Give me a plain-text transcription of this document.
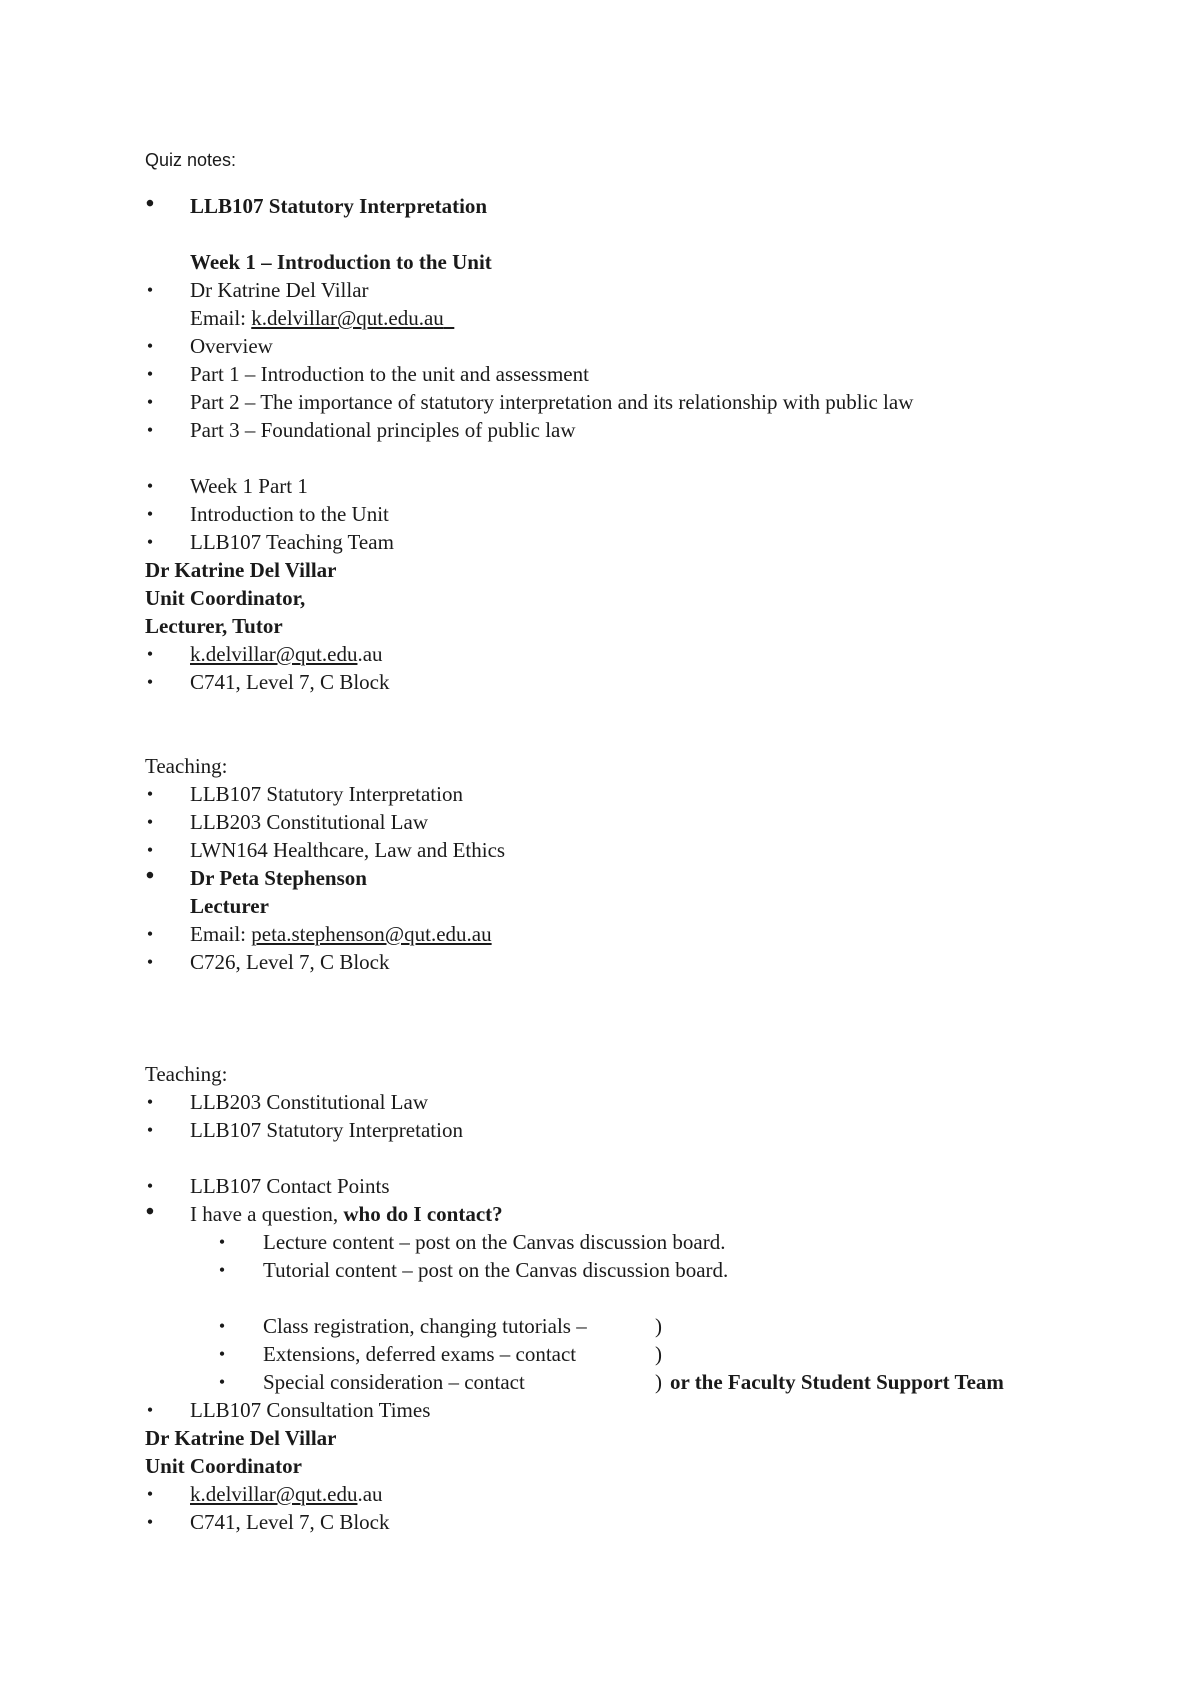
Quiz notes:
• LLB107 Statutory Interpretation
Week 1 – Introduction to the Unit
•	Dr Katrine Del Villar
Email: k.delvillar@qut.edu.au
•	Overview
•	Part 1 – Introduction to the unit and assessment
•	Part 2 – The importance of statutory interpretation and its relationship with public law
•	Part 3 – Foundational principles of public law
•	Week 1 Part 1
•	Introduction to the Unit
•	LLB107 Teaching Team
Dr Katrine Del Villar
Unit Coordinator,
Lecturer, Tutor
•	k.delvillar@qut.edu.au
•	C741, Level 7, C Block
Teaching:
•	LLB107 Statutory Interpretation
•	LLB203 Constitutional Law
•	LWN164 Healthcare, Law and Ethics
• Dr Peta Stephenson
Lecturer
•	Email: peta.stephenson@qut.edu.au
•	C726, Level 7, C Block
Teaching:
•	LLB203 Constitutional Law
•	LLB107 Statutory Interpretation
•	LLB107 Contact Points
• I have a question, who do I contact?
•	Lecture content – post on the Canvas discussion board.
•	Tutorial content – post on the Canvas discussion board.
•	Class registration, changing tutorials –	)
•	Extensions, deferred exams – contact	)
•	Special consideration – contact	) or the Faculty Student Support Team
•	LLB107 Consultation Times
Dr Katrine Del Villar
Unit Coordinator
•	k.delvillar@qut.edu.au
•	C741, Level 7, C Block
